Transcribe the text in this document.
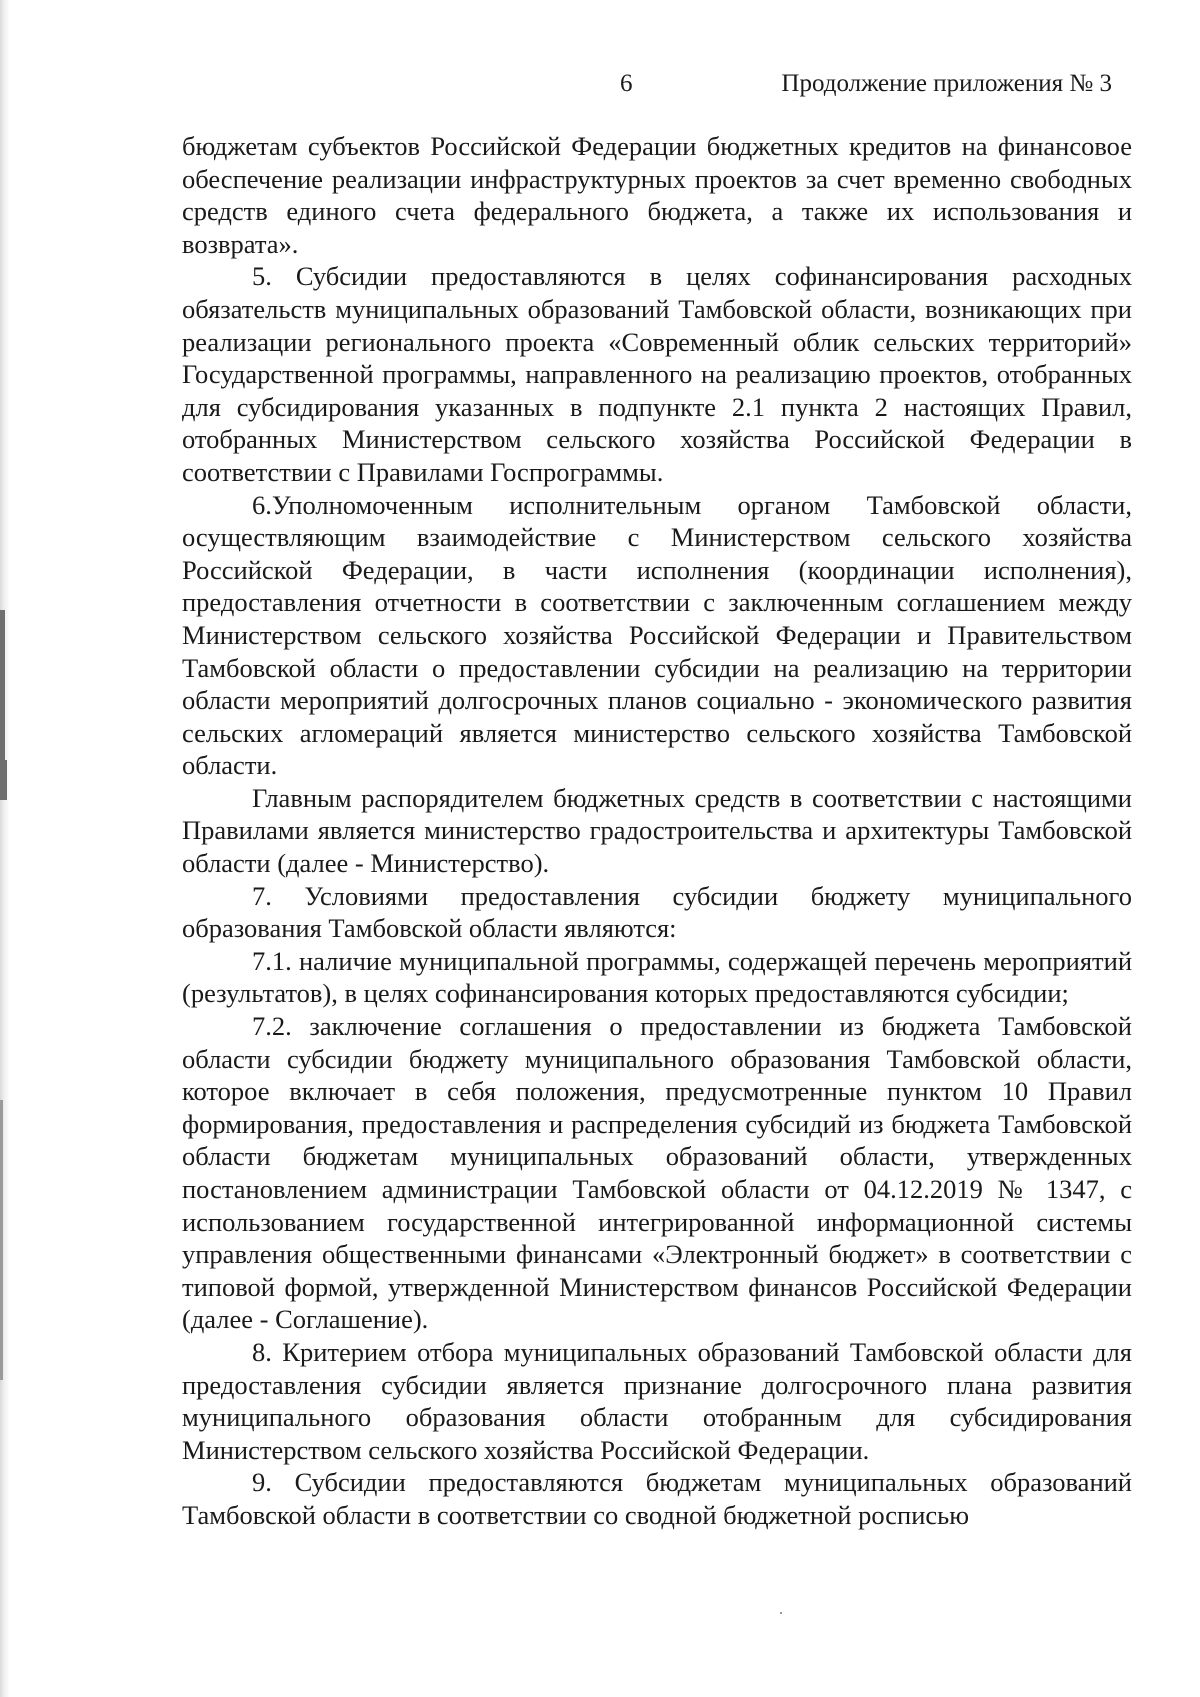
6	Продолжение приложения № 3

бюджетам субъектов Российской Федерации бюджетных кредитов на финансовое обеспечение реализации инфраструктурных проектов за счет временно свободных средств единого счета федерального бюджета, а также их использования и возврата».

5. Субсидии предоставляются в целях софинансирования расходных обязательств муниципальных образований Тамбовской области, возникающих при реализации регионального проекта «Современный облик сельских территорий» Государственной программы, направленного на реализацию проектов, отобранных для субсидирования указанных в подпункте 2.1 пункта 2 настоящих Правил, отобранных Министерством сельского хозяйства Российской Федерации в соответствии с Правилами Госпрограммы.

6.Уполномоченным исполнительным органом Тамбовской области, осуществляющим взаимодействие с Министерством сельского хозяйства Российской Федерации, в части исполнения (координации исполнения), предоставления отчетности в соответствии с заключенным соглашением между Министерством сельского хозяйства Российской Федерации и Правительством Тамбовской области о предоставлении субсидии на реализацию на территории области мероприятий долгосрочных планов социально - экономического развития сельских агломераций является министерство сельского хозяйства Тамбовской области.

Главным распорядителем бюджетных средств в соответствии с настоящими Правилами является министерство градостроительства и архитектуры Тамбовской области (далее - Министерство).

7. Условиями предоставления субсидии бюджету муниципального образования Тамбовской области являются:

7.1. наличие муниципальной программы, содержащей перечень мероприятий (результатов), в целях софинансирования которых предоставляются субсидии;

7.2. заключение соглашения о предоставлении из бюджета Тамбовской области субсидии бюджету муниципального образования Тамбовской области, которое включает в себя положения, предусмотренные пунктом 10 Правил формирования, предоставления и распределения субсидий из бюджета Тамбовской области бюджетам муниципальных образований области, утвержденных постановлением администрации Тамбовской области от 04.12.2019 № 1347, с использованием государственной интегрированной информационной системы управления общественными финансами «Электронный бюджет» в соответствии с типовой формой, утвержденной Министерством финансов Российской Федерации (далее - Соглашение).

8. Критерием отбора муниципальных образований Тамбовской области для предоставления субсидии является признание долгосрочного плана развития муниципального образования области отобранным для субсидирования Министерством сельского хозяйства Российской Федерации.

9. Субсидии предоставляются бюджетам муниципальных образований Тамбовской области в соответствии со сводной бюджетной росписью
